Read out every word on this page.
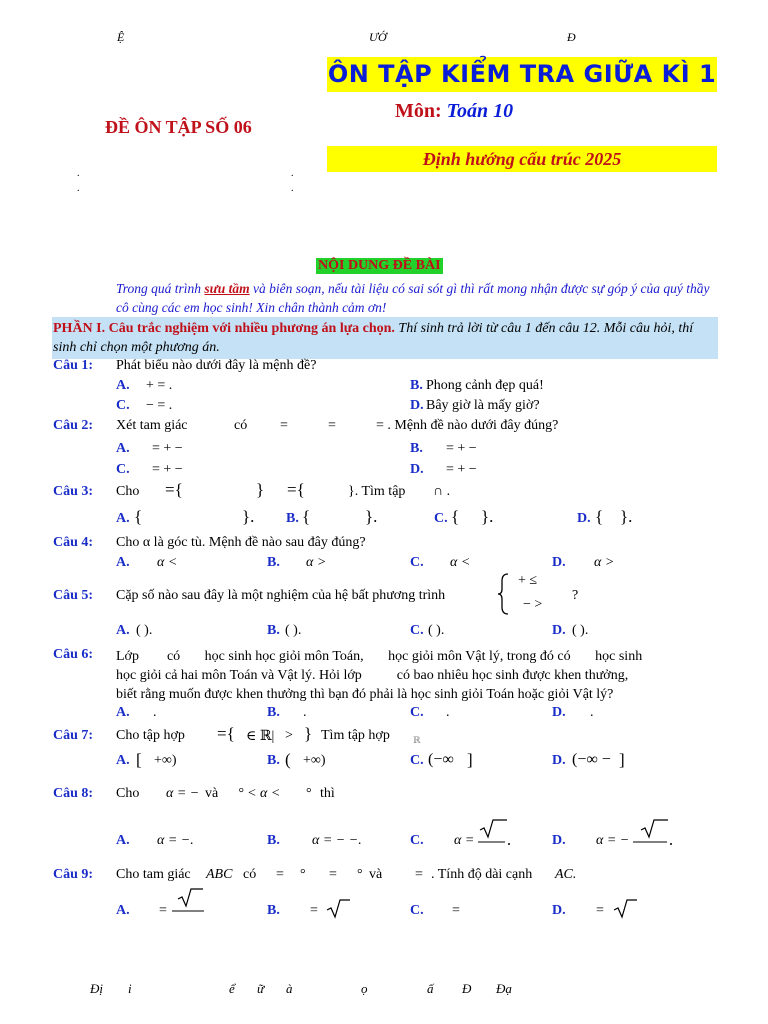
Ệ	ƯỚ	Đ
ÔN TẬP KIỂM TRA GIỮA KÌ 1
Môn: Toán 10
ĐỀ ÔN TẬP SỐ 06
Định hướng cấu trúc 2025
.	.
.	.
NỘI DUNG ĐỀ BÀI
Trong quá trình sưu tầm và biên soạn, nếu tài liệu có sai sót gì thì rất mong nhận được sự góp ý của quý thầy cô cùng các em học sinh! Xin chân thành cảm ơn!
PHẦN I. Câu trắc nghiệm với nhiều phương án lựa chọn. Thí sinh trả lời từ câu 1 đến câu 12. Mỗi câu hỏi, thí sinh chỉ chọn một phương án.
Câu 1: Phát biểu nào dưới đây là mệnh đề?
A. + = .	B. Phong cảnh đẹp quá!
C. − = .	D. Bây giờ là mấy giờ?
Câu 2: Xét tam giác	có =	=	= . Mệnh đề nào dưới đây đúng?
A. = + −	B. = + −
C. = + −	D. = + −
Câu 3: Cho ={	} ={	}. Tìm tập ∩ .
A. {	}. B. {	}.	C. { }.	D. { }.
Câu 4: Cho α là góc tù. Mệnh đề nào sau đây đúng?
A. α <	B. α >	C. α <	D. α >
Câu 5: Cặp số nào sau đây là một nghiệm của hệ bất phương trình
+ ≤
− >
?
A. ( ).	B. ( ).	C. ( ).	D. ( ).
Câu 6: Lớp        có       học sinh học giỏi môn Toán,       học giỏi môn Vật lý, trong đó có       học sinh
học giỏi cả hai môn Toán và Vật lý. Hỏi lớp          có bao nhiêu học sinh được khen thưởng,
biết rằng muốn được khen thưởng thì bạn đó phải là học sinh giỏi Toán hoặc giỏi Vật lý?
A. .	B. .	C. .	D. .
Câu 7: Cho tập hợp ={ ∈ ℝ| > } Tìm tập hợp	ℝ
A. [ +∞)	B. ( +∞)	C. (−∞ ]	D. (−∞ − ]
Câu 8: Cho α = − và ° < α < ° thì
A. α = −.	B. α = − −.	C. α =	D. α = −
Câu 9: Cho tam giác ABC có = ° = ° và = . Tính độ dài cạnh AC.
A. =	B. =	C. =	D. =
Đị i	ể ữ à	ọ	ấ Đ Đạ
